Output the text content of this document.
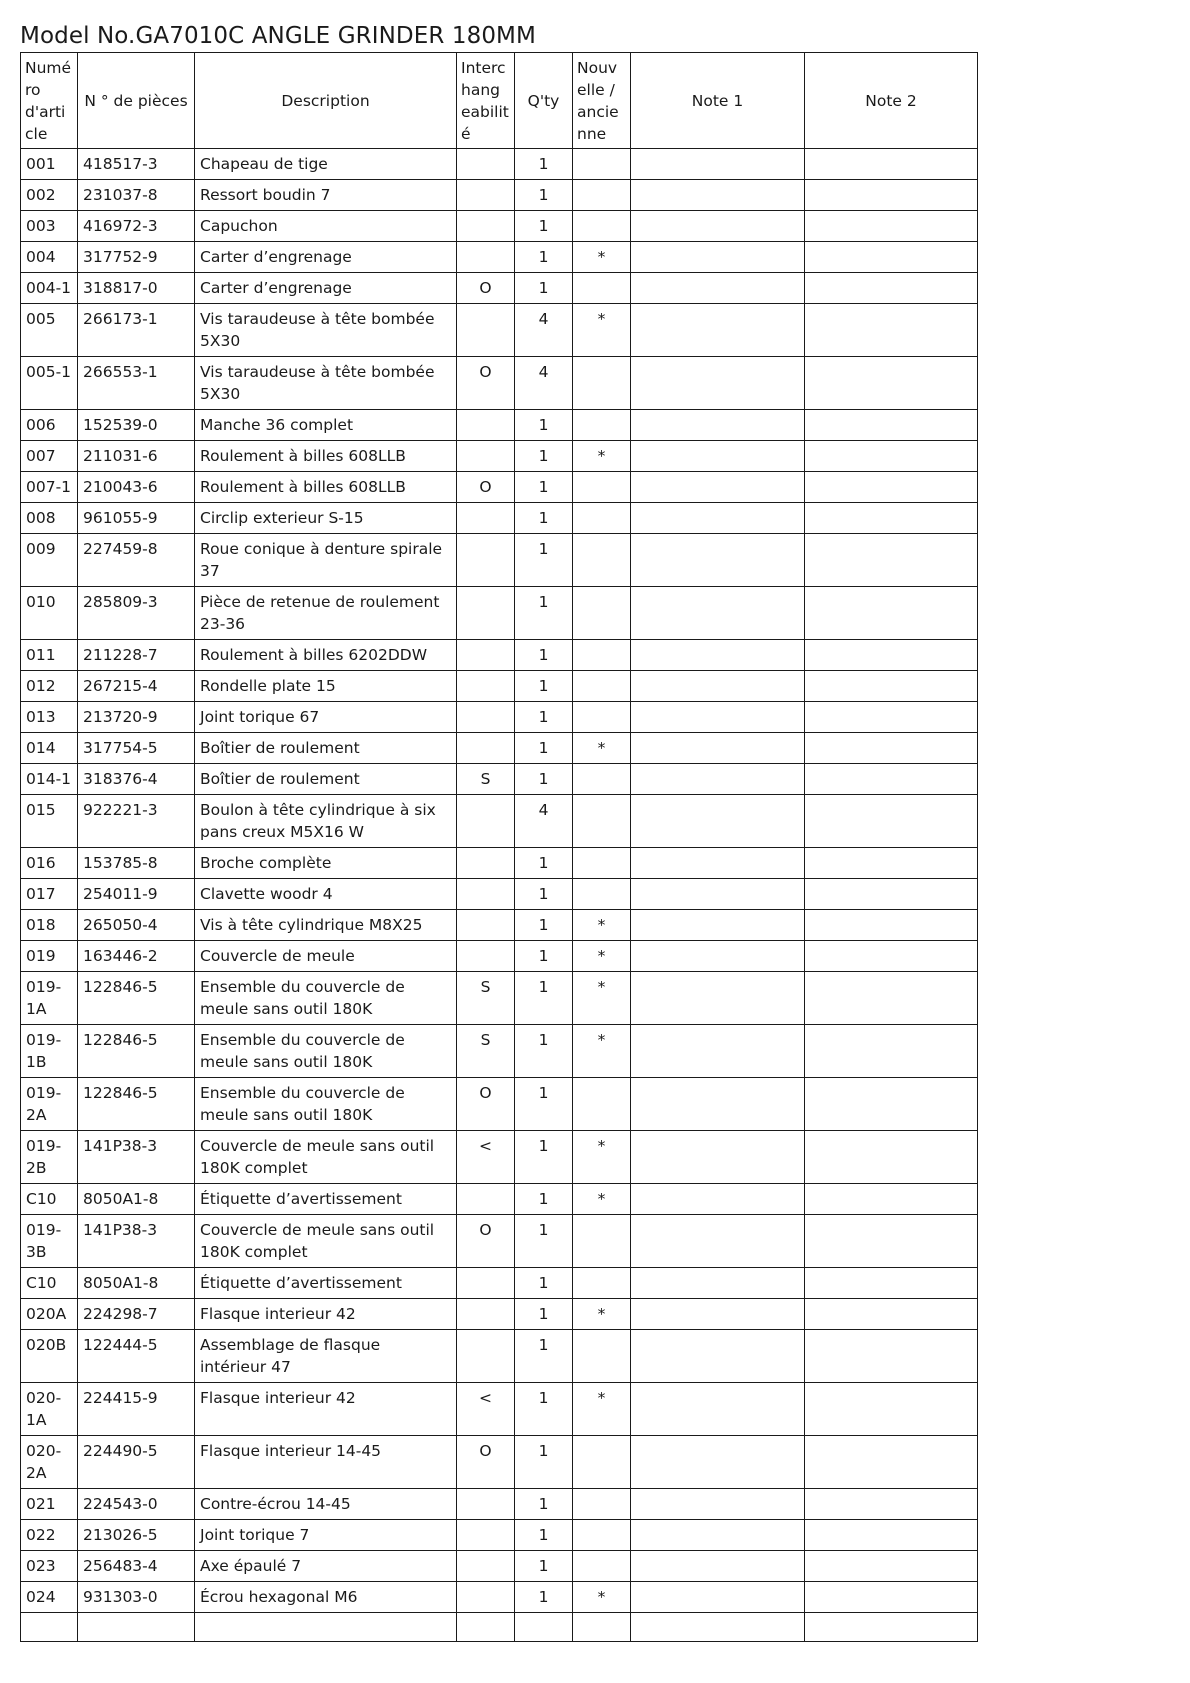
Model No.GA7010C ANGLE GRINDER 180MM
Numéro d'article	N ° de pièces	Description	Interchangeabilité	Q'ty	Nouvelle / ancienne	Note 1	Note 2
001	418517-3	Chapeau de tige		1			
002	231037-8	Ressort boudin 7		1			
003	416972-3	Capuchon		1			
004	317752-9	Carter d’engrenage		1	*		
004-1	318817-0	Carter d’engrenage	O	1			
005	266173-1	Vis taraudeuse à tête bombée 5X30		4	*		
005-1	266553-1	Vis taraudeuse à tête bombée 5X30	O	4			
006	152539-0	Manche 36 complet		1			
007	211031-6	Roulement à billes 608LLB		1	*		
007-1	210043-6	Roulement à billes 608LLB	O	1			
008	961055-9	Circlip exterieur S-15		1			
009	227459-8	Roue conique à denture spirale 37		1			
010	285809-3	Pièce de retenue de roulement 23-36		1			
011	211228-7	Roulement à billes 6202DDW		1			
012	267215-4	Rondelle plate 15		1			
013	213720-9	Joint torique 67		1			
014	317754-5	Boîtier de roulement		1	*		
014-1	318376-4	Boîtier de roulement	S	1			
015	922221-3	Boulon à tête cylindrique à six pans creux M5X16 W		4			
016	153785-8	Broche complète		1			
017	254011-9	Clavette woodr 4		1			
018	265050-4	Vis à tête cylindrique M8X25		1	*		
019	163446-2	Couvercle de meule		1	*		
019-1A	122846-5	Ensemble du couvercle de meule sans outil 180K	S	1	*		
019-1B	122846-5	Ensemble du couvercle de meule sans outil 180K	S	1	*		
019-2A	122846-5	Ensemble du couvercle de meule sans outil 180K	O	1			
019-2B	141P38-3	Couvercle de meule sans outil 180K complet	<	1	*		
C10	8050A1-8	Étiquette d’avertissement		1	*		
019-3B	141P38-3	Couvercle de meule sans outil 180K complet	O	1			
C10	8050A1-8	Étiquette d’avertissement		1			
020A	224298-7	Flasque interieur 42		1	*		
020B	122444-5	Assemblage de flasque intérieur 47		1			
020-1A	224415-9	Flasque interieur 42	<	1	*		
020-2A	224490-5	Flasque interieur 14-45	O	1			
021	224543-0	Contre-écrou 14-45		1			
022	213026-5	Joint torique 7		1			
023	256483-4	Axe épaulé 7		1			
024	931303-0	Écrou hexagonal M6		1	*		
